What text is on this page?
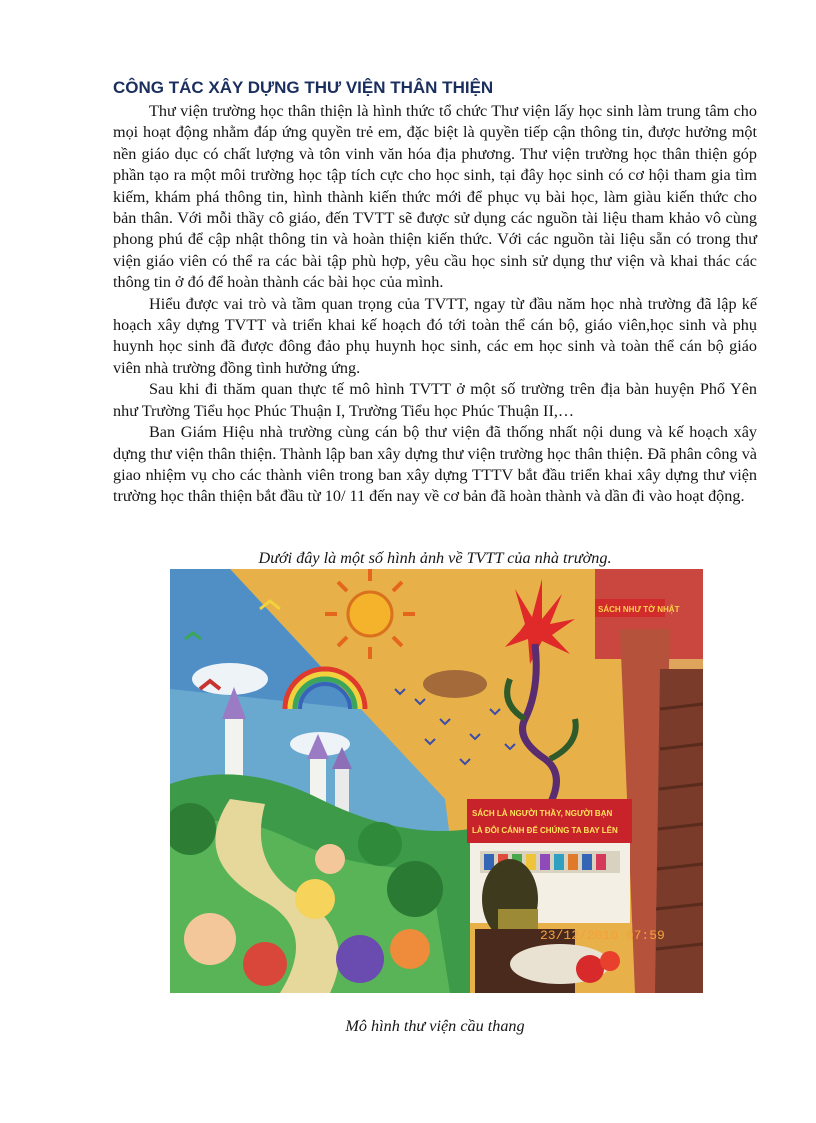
CÔNG TÁC XÂY DỰNG THƯ VIỆN THÂN THIỆN

Thư viện trường học thân thiện là hình thức tổ chức Thư viện lấy học sinh làm trung tâm cho mọi hoạt động nhằm đáp ứng quyền trẻ em, đặc biệt là quyền tiếp cận thông tin, được hưởng một nền giáo dục có chất lượng và tôn vinh văn hóa địa phương. Thư viện trường học thân thiện góp phần tạo ra một môi trường học tập tích cực cho học sinh, tại đây học sinh có cơ hội tham gia tìm kiếm, khám phá thông tin, hình thành kiến thức mới để phục vụ bài học, làm giàu kiến thức cho bản thân. Với mỗi thầy cô giáo, đến TVTT sẽ được sử dụng các nguồn tài liệu tham khảo vô cùng phong phú để cập nhật thông tin và hoàn thiện kiến thức. Với các nguồn tài liệu sẵn có trong thư viện giáo viên có thể ra các bài tập phù hợp, yêu cầu học sinh sử dụng thư viện và khai thác các thông tin ở đó để hoàn thành các bài học của mình.

Hiểu được vai trò và tầm quan trọng của TVTT, ngay từ đầu năm học nhà trường đã lập kế hoạch xây dựng TVTT và triển khai kế hoạch đó tới toàn thể cán bộ, giáo viên,học sinh và phụ huynh học sinh đã được đông đảo phụ huynh học sinh, các em học sinh và toàn thể cán bộ giáo viên nhà trường đồng tình hưởng ứng.

Sau khi đi thăm quan thực tế mô hình TVTT ở một số trường trên địa bàn huyện Phổ Yên như Trường Tiểu học Phúc Thuận I, Trường Tiểu học Phúc Thuận II,…

Ban Giám Hiệu nhà trường cùng cán bộ thư viện đã thống nhất nội dung và kế hoạch xây dựng thư viện thân thiện. Thành lập ban xây dựng thư viện trường học thân thiện. Đã phân công và giao nhiệm vụ cho các thành viên trong ban xây dựng TTTV bắt đầu triển khai xây dựng thư viện trường học thân thiện bắt đầu từ 10/ 11 đến nay về cơ bản đã hoàn thành và dần đi vào hoạt động.

Dưới đây là một số hình ảnh về TVTT của nhà trường.
SÁCH NHƯ TỜ NHẬT
SÁCH LÀ NGƯỜI THẦY, NGƯỜI BẠN
LÀ ĐÔI CÁNH ĐỂ CHÚNG TA BAY LÊN
23/12/2010 07:59
Mô hình thư viện cầu thang
